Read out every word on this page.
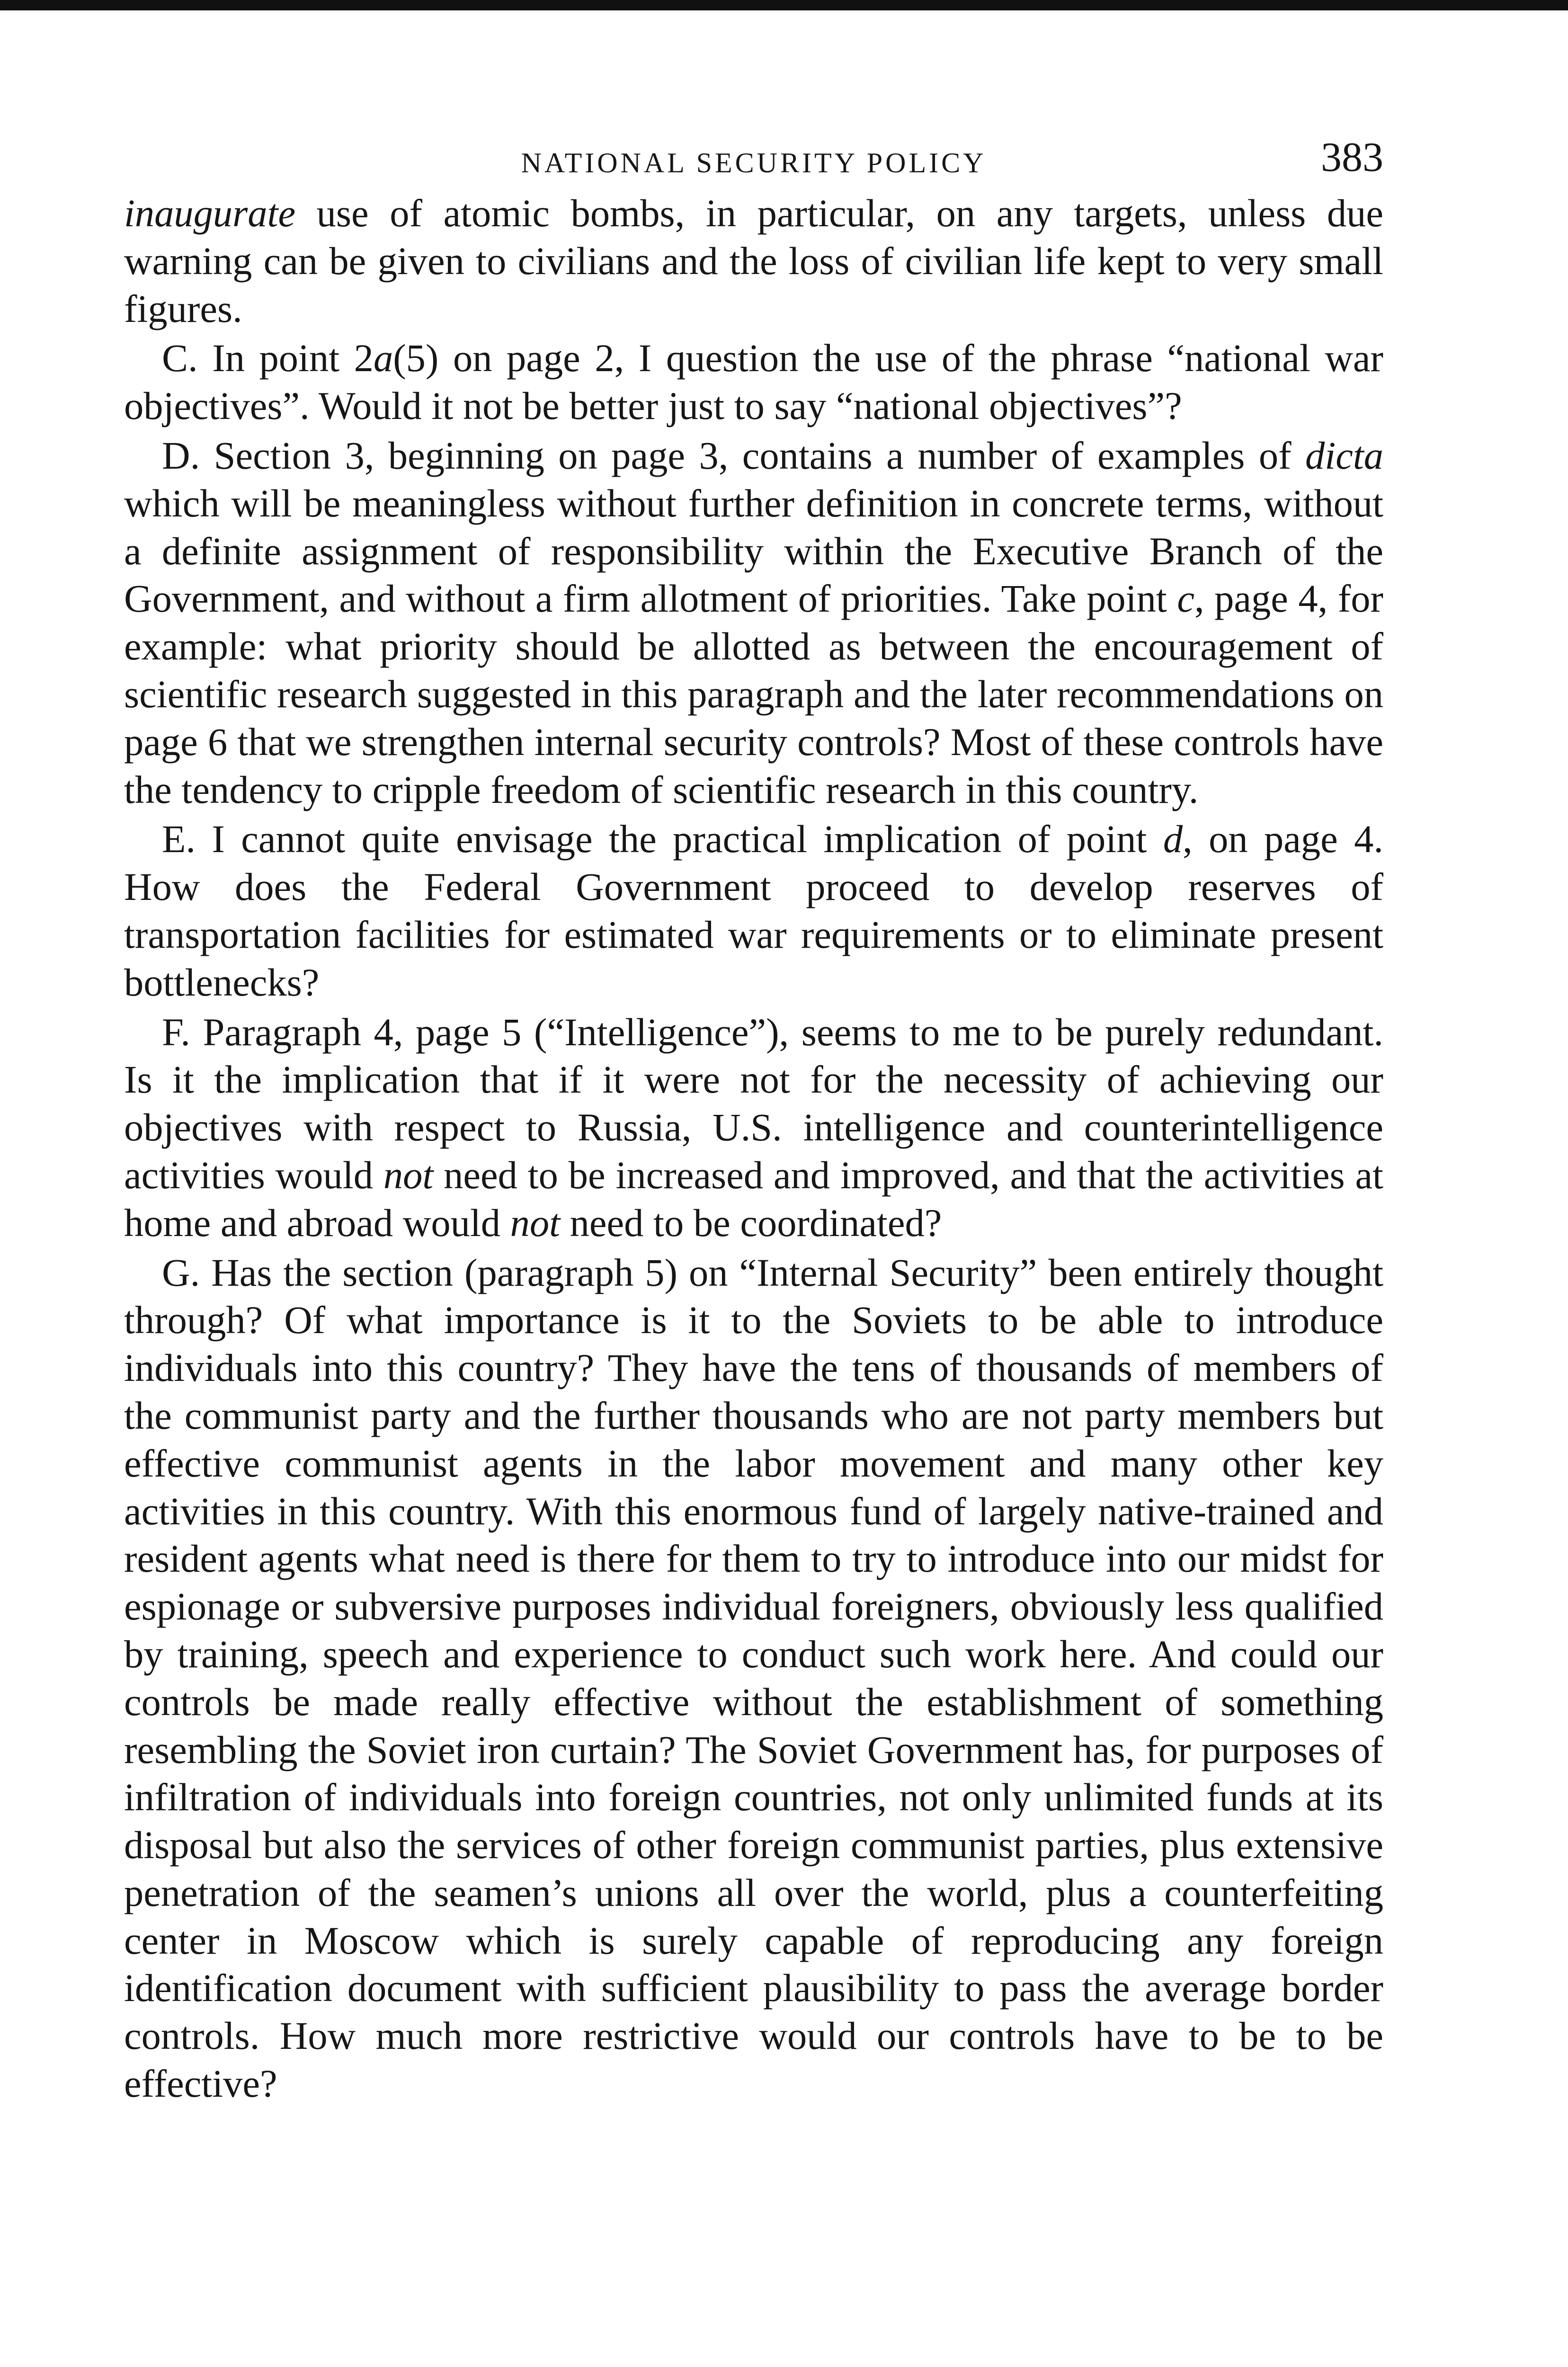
NATIONAL SECURITY POLICY	383

inaugurate use of atomic bombs, in particular, on any targets, unless due warning can be given to civilians and the loss of civilian life kept to very small figures.

C. In point 2a(5) on page 2, I question the use of the phrase “national war objectives”. Would it not be better just to say “national objectives”?

D. Section 3, beginning on page 3, contains a number of examples of dicta which will be meaningless without further definition in concrete terms, without a definite assignment of responsibility within the Executive Branch of the Government, and without a firm allotment of priorities. Take point c, page 4, for example: what priority should be allotted as between the encouragement of scientific research suggested in this paragraph and the later recommendations on page 6 that we strengthen internal security controls? Most of these controls have the tendency to cripple freedom of scientific research in this country.

E. I cannot quite envisage the practical implication of point d, on page 4. How does the Federal Government proceed to develop reserves of transportation facilities for estimated war requirements or to eliminate present bottlenecks?

F. Paragraph 4, page 5 (“Intelligence”), seems to me to be purely redundant. Is it the implication that if it were not for the necessity of achieving our objectives with respect to Russia, U.S. intelligence and counterintelligence activities would not need to be increased and improved, and that the activities at home and abroad would not need to be coordinated?

G. Has the section (paragraph 5) on “Internal Security” been entirely thought through? Of what importance is it to the Soviets to be able to introduce individuals into this country? They have the tens of thousands of members of the communist party and the further thousands who are not party members but effective communist agents in the labor movement and many other key activities in this country. With this enormous fund of largely native-trained and resident agents what need is there for them to try to introduce into our midst for espionage or subversive purposes individual foreigners, obviously less qualified by training, speech and experience to conduct such work here. And could our controls be made really effective without the establishment of something resembling the Soviet iron curtain? The Soviet Government has, for purposes of infiltration of individuals into foreign countries, not only unlimited funds at its disposal but also the services of other foreign communist parties, plus extensive penetration of the seamen’s unions all over the world, plus a counterfeiting center in Moscow which is surely capable of reproducing any foreign identification document with sufficient plausibility to pass the average border controls. How much more restrictive would our controls have to be to be effective?
